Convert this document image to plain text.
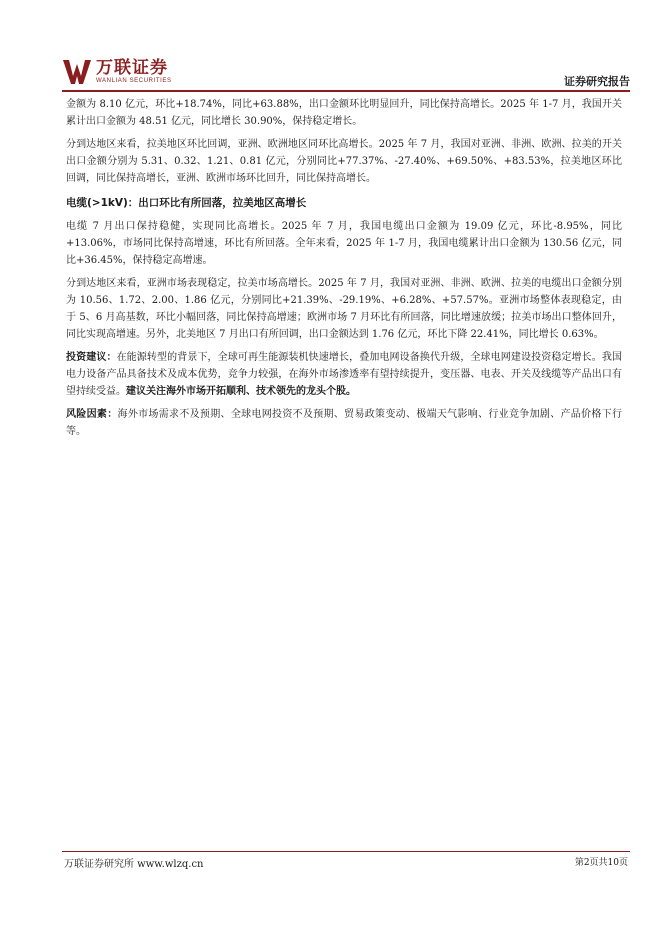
万联证券
WANLIAN SECURITIES	证券研究报告

金额为 8.10 亿元，环比+18.74%，同比+63.88%，出口金额环比明显回升，同比保持高增长。2025 年 1-7 月，我国开关累计出口金额为 48.51 亿元，同比增长 30.90%，保持稳定增长。

分到达地区来看，拉美地区环比回调，亚洲、欧洲地区同环比高增长。2025 年 7 月，我国对亚洲、非洲、欧洲、拉美的开关出口金额分别为 5.31、0.32、1.21、0.81 亿元，分别同比+77.37%、-27.40%、+69.50%、+83.53%，拉美地区环比回调，同比保持高增长，亚洲、欧洲市场环比回升，同比保持高增长。

电缆(>1kV)：出口环比有所回落，拉美地区高增长

电缆 7 月出口保持稳健，实现同比高增长。2025 年 7 月，我国电缆出口金额为 19.09 亿元，环比-8.95%，同比+13.06%，市场同比保持高增速，环比有所回落。全年来看，2025 年 1-7 月，我国电缆累计出口金额为 130.56 亿元，同比+36.45%，保持稳定高增速。

分到达地区来看，亚洲市场表现稳定，拉美市场高增长。2025 年 7 月，我国对亚洲、非洲、欧洲、拉美的电缆出口金额分别为 10.56、1.72、2.00、1.86 亿元，分别同比+21.39%、-29.19%、+6.28%、+57.57%。亚洲市场整体表现稳定，由于 5、6 月高基数，环比小幅回落，同比保持高增速；欧洲市场 7 月环比有所回落，同比增速放缓；拉美市场出口整体回升，同比实现高增速。另外，北美地区 7 月出口有所回调，出口金额达到 1.76 亿元，环比下降 22.41%，同比增长 0.63%。

投资建议：在能源转型的背景下，全球可再生能源装机快速增长，叠加电网设备换代升级，全球电网建设投资稳定增长。我国电力设备产品具备技术及成本优势，竞争力较强，在海外市场渗透率有望持续提升，变压器、电表、开关及线缆等产品出口有望持续受益。建议关注海外市场开拓顺利、技术领先的龙头个股。

风险因素：海外市场需求不及预期、全球电网投资不及预期、贸易政策变动、极端天气影响、行业竞争加剧、产品价格下行等。

万联证券研究所 www.wlzq.cn	第2页共10页
